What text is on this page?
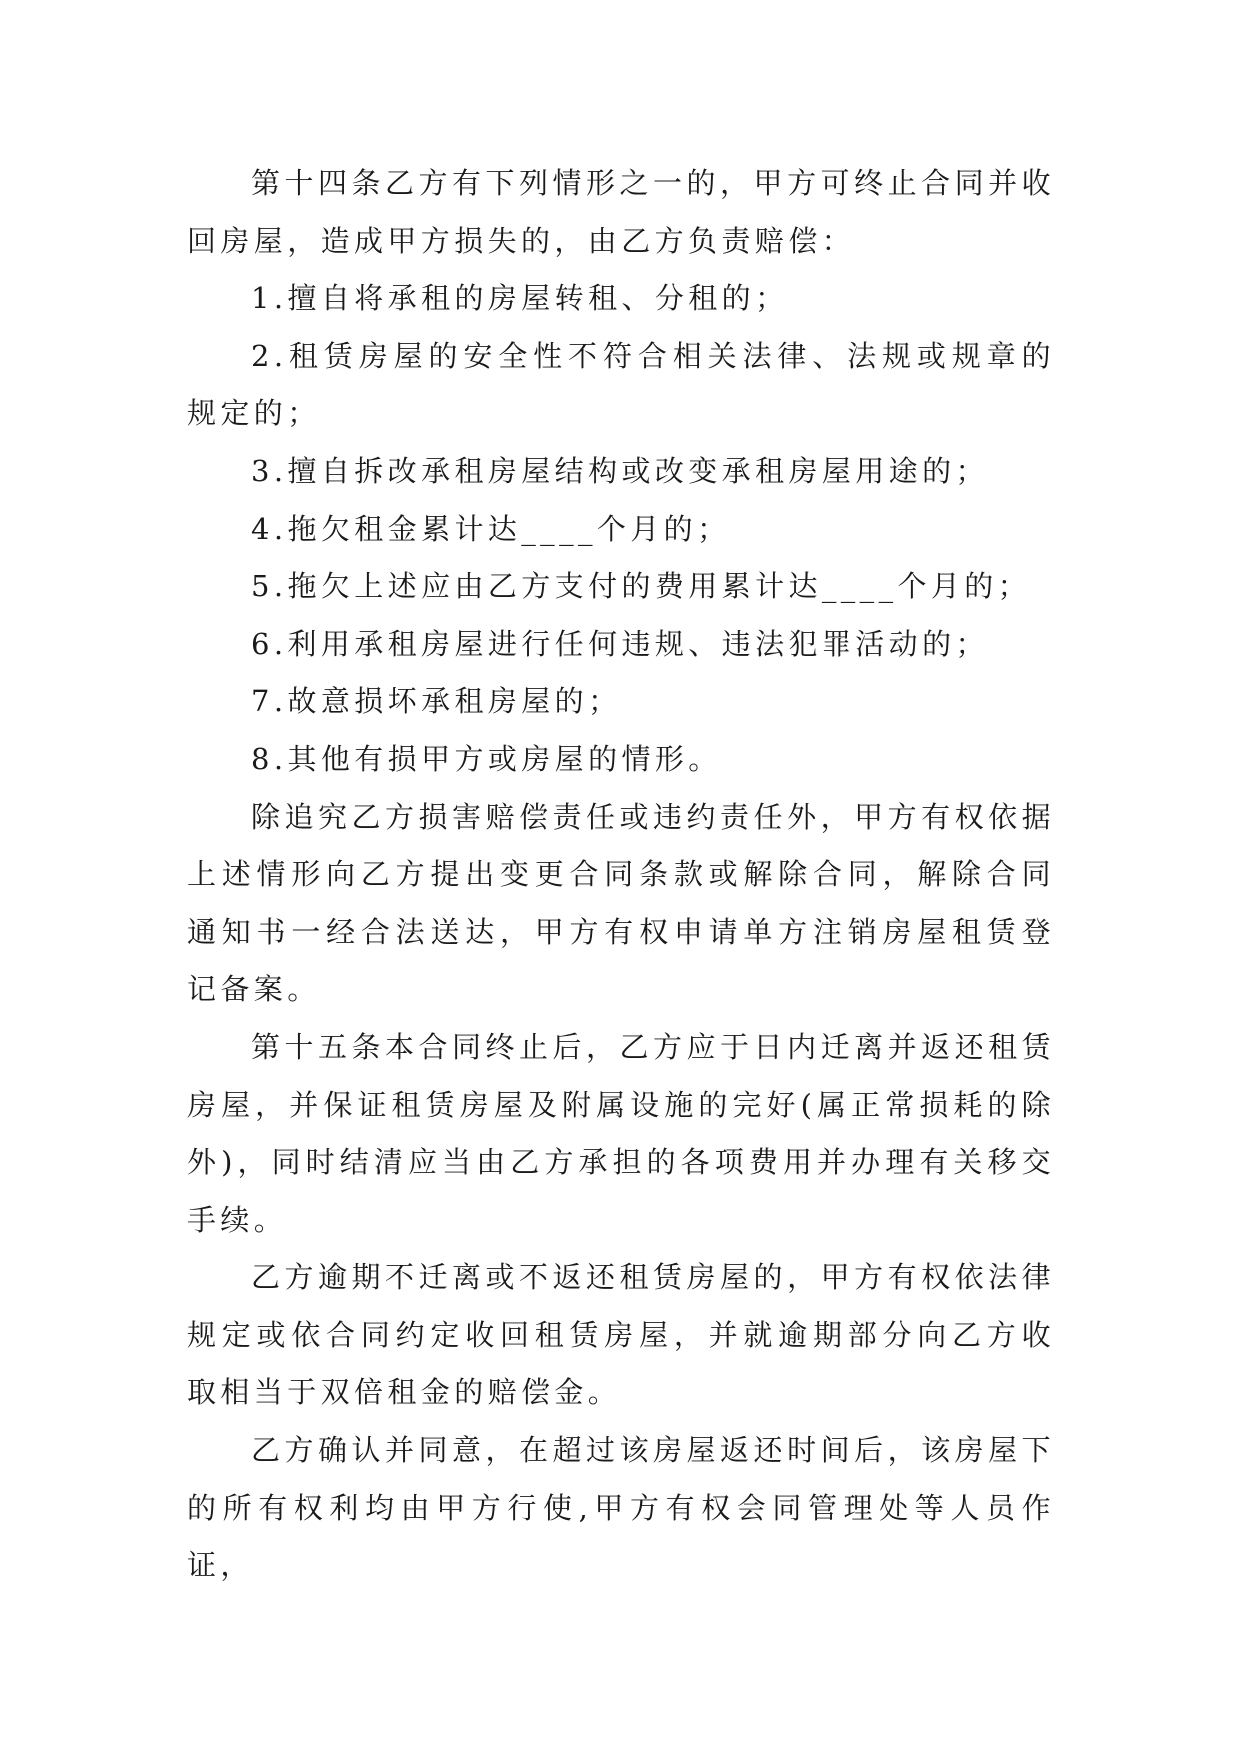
第十四条乙方有下列情形之一的，甲方可终止合同并收回房屋，造成甲方损失的，由乙方负责赔偿：

1.擅自将承租的房屋转租、分租的；

2.租赁房屋的安全性不符合相关法律、法规或规章的规定的；

3.擅自拆改承租房屋结构或改变承租房屋用途的；

4.拖欠租金累计达____个月的；

5.拖欠上述应由乙方支付的费用累计达____个月的；

6.利用承租房屋进行任何违规、违法犯罪活动的；

7.故意损坏承租房屋的；

8.其他有损甲方或房屋的情形。

除追究乙方损害赔偿责任或违约责任外，甲方有权依据上述情形向乙方提出变更合同条款或解除合同，解除合同通知书一经合法送达，甲方有权申请单方注销房屋租赁登记备案。

第十五条本合同终止后，乙方应于日内迁离并返还租赁房屋，并保证租赁房屋及附属设施的完好(属正常损耗的除外)，同时结清应当由乙方承担的各项费用并办理有关移交手续。

乙方逾期不迁离或不返还租赁房屋的，甲方有权依法律规定或依合同约定收回租赁房屋，并就逾期部分向乙方收取相当于双倍租金的赔偿金。

乙方确认并同意，在超过该房屋返还时间后，该房屋下的所有权利均由甲方行使,甲方有权会同管理处等人员作证，
